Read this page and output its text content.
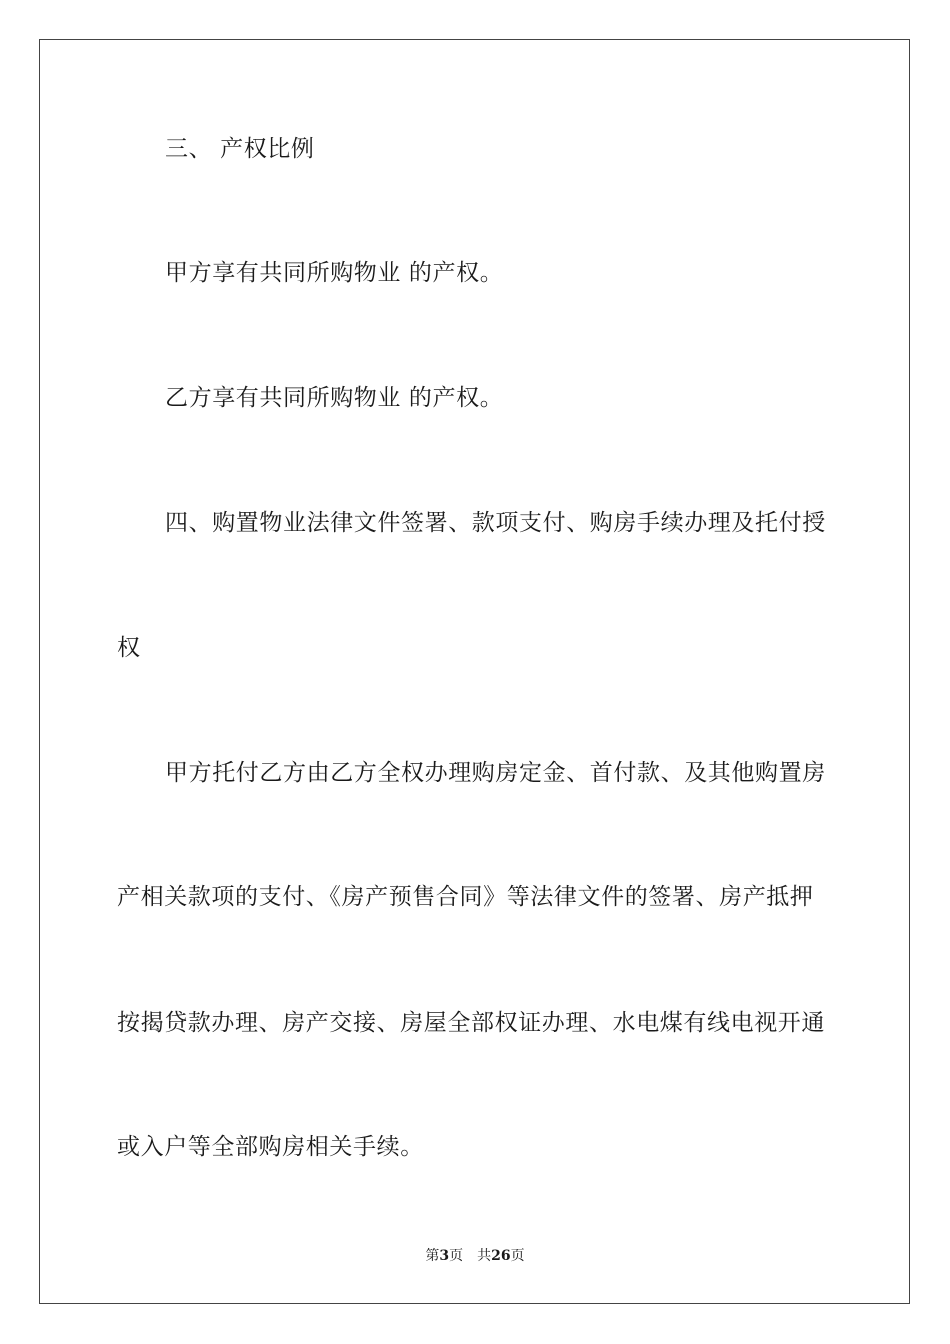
三、 产权比例
甲方享有共同所购物业 的产权。
乙方享有共同所购物业 的产权。
四、购置物业法律文件签署、款项支付、购房手续办理及托付授
权
甲方托付乙方由乙方全权办理购房定金、首付款、及其他购置房
产相关款项的支付、《房产预售合同》等法律文件的签署、房产抵押
按揭贷款办理、房产交接、房屋全部权证办理、水电煤有线电视开通
或入户等全部购房相关手续。
第3页 共26页
